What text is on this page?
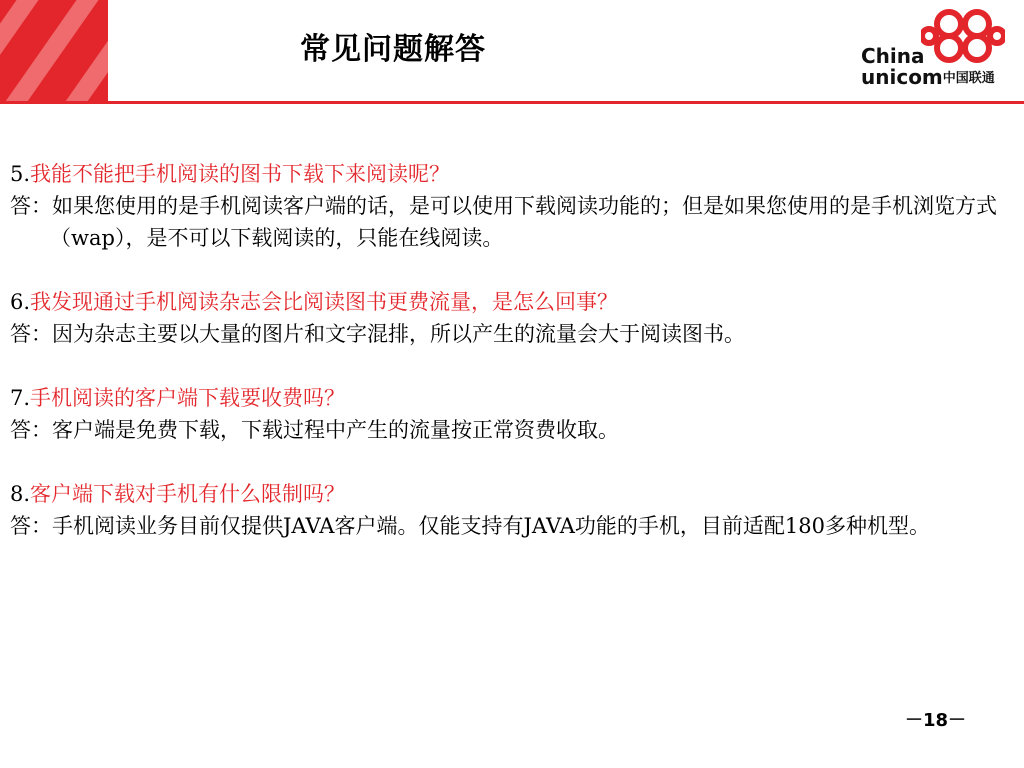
常见问题解答	China
unicom中国联通
5.我能不能把手机阅读的图书下载下来阅读呢？
答：如果您使用的是手机阅读客户端的话，是可以使用下载阅读功能的；但是如果您使用的是手机浏览方式（wap），是不可以下载阅读的，只能在线阅读。
6.我发现通过手机阅读杂志会比阅读图书更费流量，是怎么回事？
答：因为杂志主要以大量的图片和文字混排，所以产生的流量会大于阅读图书。
7.手机阅读的客户端下载要收费吗？
答：客户端是免费下载，下载过程中产生的流量按正常资费收取。
8.客户端下载对手机有什么限制吗？
答：手机阅读业务目前仅提供JAVA客户端。仅能支持有JAVA功能的手机，目前适配180多种机型。
－18－
